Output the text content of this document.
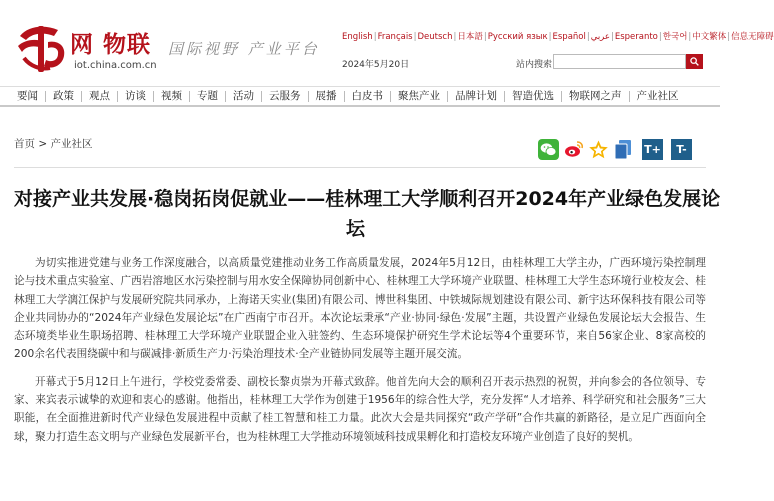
网 物联
iot.china.com.cn
国际视野 产业平台
English|Français|Deutsch|日本語|Русский язык|Español|عربي|Esperanto|한국어|中文繁体|信息无障碍
2024年5月20日	站内搜索
要闻	政策	观点	访谈	视频	专题	活动	云服务	展播	白皮书	聚焦产业	品牌计划	智造优选	物联网之声	产业社区
首页 > 产业社区	T+	T-
对接产业共发展·稳岗拓岗促就业——桂林理工大学顺利召开2024年产业绿色发展论
坛

为切实推进党建与业务工作深度融合，以高质量党建推动业务工作高质量发展，2024年5月12日，由桂林理工大学主办，广西环境污染控制理论与技术重点实验室、广西岩溶地区水污染控制与用水安全保障协同创新中心、桂林理工大学环境产业联盟、桂林理工大学生态环境行业校友会、桂林理工大学漓江保护与发展研究院共同承办，上海诺天实业(集团)有限公司、博世科集团、中铁城际规划建设有限公司、新宇达环保科技有限公司等企业共同协办的“2024年产业绿色发展论坛”在广西南宁市召开。本次论坛秉承“产业·协同·绿色·发展”主题，共设置产业绿色发展论坛大会报告、生态环境类毕业生职场招聘、桂林理工大学环境产业联盟企业入驻签约、生态环境保护研究生学术论坛等4个重要环节，来自56家企业、8家高校的200余名代表围绕碳中和与碳减排·新质生产力·污染治理技术·全产业链协同发展等主题开展交流。

开幕式于5月12日上午进行，学校党委常委、副校长黎贞崇为开幕式致辞。他首先向大会的顺利召开表示热烈的祝贺，并向参会的各位领导、专家、来宾表示诚挚的欢迎和衷心的感谢。他指出，桂林理工大学作为创建于1956年的综合性大学，充分发挥“人才培养、科学研究和社会服务”三大职能，在全面推进新时代产业绿色发展进程中贡献了桂工智慧和桂工力量。此次大会是共同探究“政产学研”合作共赢的新路径，是立足广西面向全球，聚力打造生态文明与产业绿色发展新平台，也为桂林理工大学推动环境领域科技成果孵化和打造校友环境产业创造了良好的契机。
